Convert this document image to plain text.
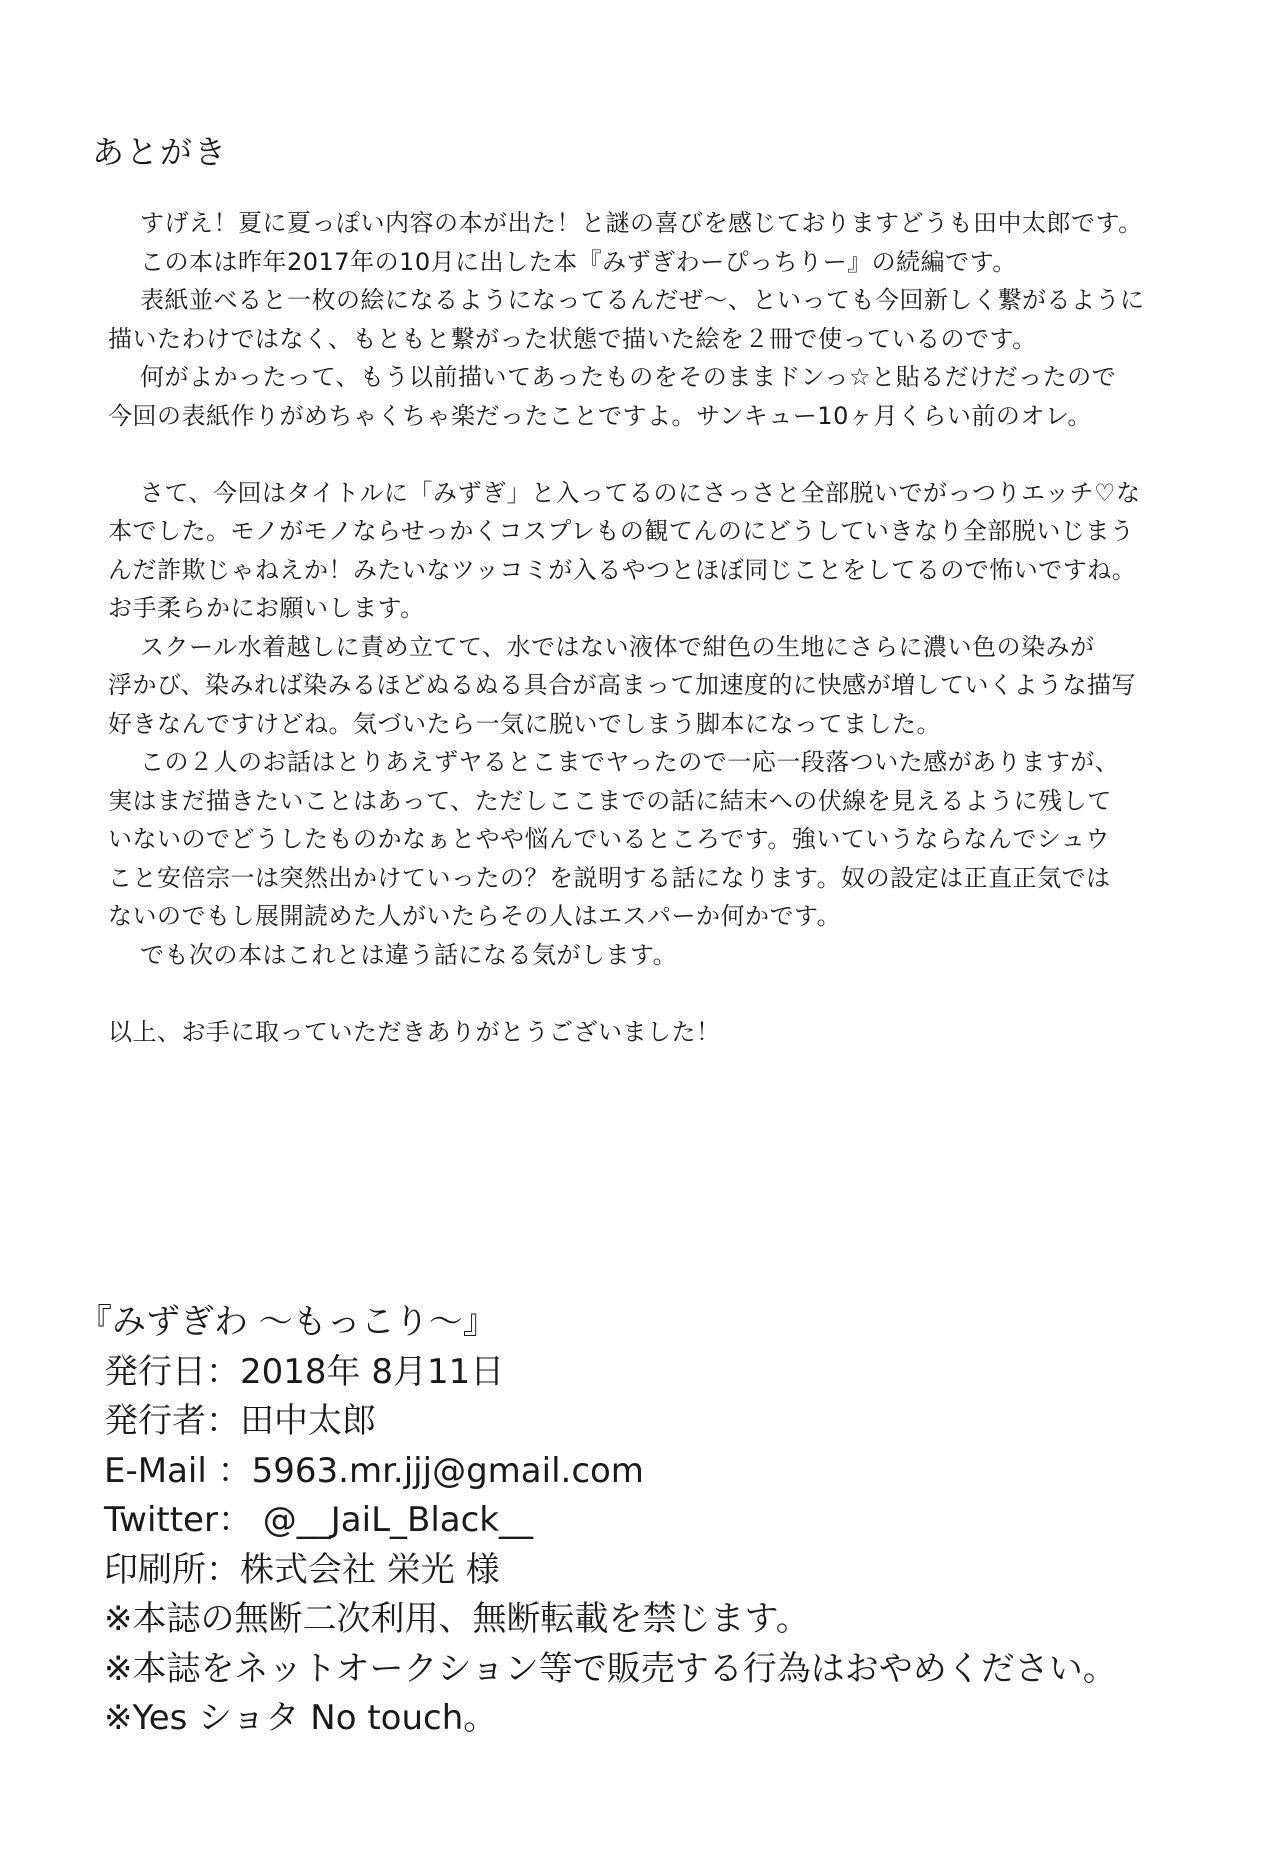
あとがき
すげえ！夏に夏っぽい内容の本が出た！と謎の喜びを感じておりますどうも田中太郎です。
この本は昨年2017年の10月に出した本『みずぎわーぴっちりー』の続編です。
表紙並べると一枚の絵になるようになってるんだぜ〜、といっても今回新しく繋がるように
描いたわけではなく、もともと繋がった状態で描いた絵を２冊で使っているのです。
何がよかったって、もう以前描いてあったものをそのままドンっ☆と貼るだけだったので
今回の表紙作りがめちゃくちゃ楽だったことですよ。サンキュー10ヶ月くらい前のオレ。
さて、今回はタイトルに「みずぎ」と入ってるのにさっさと全部脱いでがっつりエッチ♡な
本でした。モノがモノならせっかくコスプレもの観てんのにどうしていきなり全部脱いじまう
んだ詐欺じゃねえか！みたいなツッコミが入るやつとほぼ同じことをしてるので怖いですね。
お手柔らかにお願いします。
スクール水着越しに責め立てて、水ではない液体で紺色の生地にさらに濃い色の染みが
浮かび、染みれば染みるほどぬるぬる具合が高まって加速度的に快感が増していくような描写
好きなんですけどね。気づいたら一気に脱いでしまう脚本になってました。
この２人のお話はとりあえずヤるとこまでヤったので一応一段落ついた感がありますが、
実はまだ描きたいことはあって、ただしここまでの話に結末への伏線を見えるように残して
いないのでどうしたものかなぁとやや悩んでいるところです。強いていうならなんでシュウ
こと安倍宗一は突然出かけていったの？を説明する話になります。奴の設定は正直正気では
ないのでもし展開読めた人がいたらその人はエスパーか何かです。
でも次の本はこれとは違う話になる気がします。
以上、お手に取っていただきありがとうございました！
『みずぎわ 〜もっこり〜』
発行日：2018年 8月11日
発行者：田中太郎
E-Mail ：5963.mr.jjj@gmail.com
Twitter： @__JaiL_Black__
印刷所：株式会社 栄光 様
※本誌の無断二次利用、無断転載を禁じます。
※本誌をネットオークション等で販売する行為はおやめください。
※Yes ショタ No touch。
